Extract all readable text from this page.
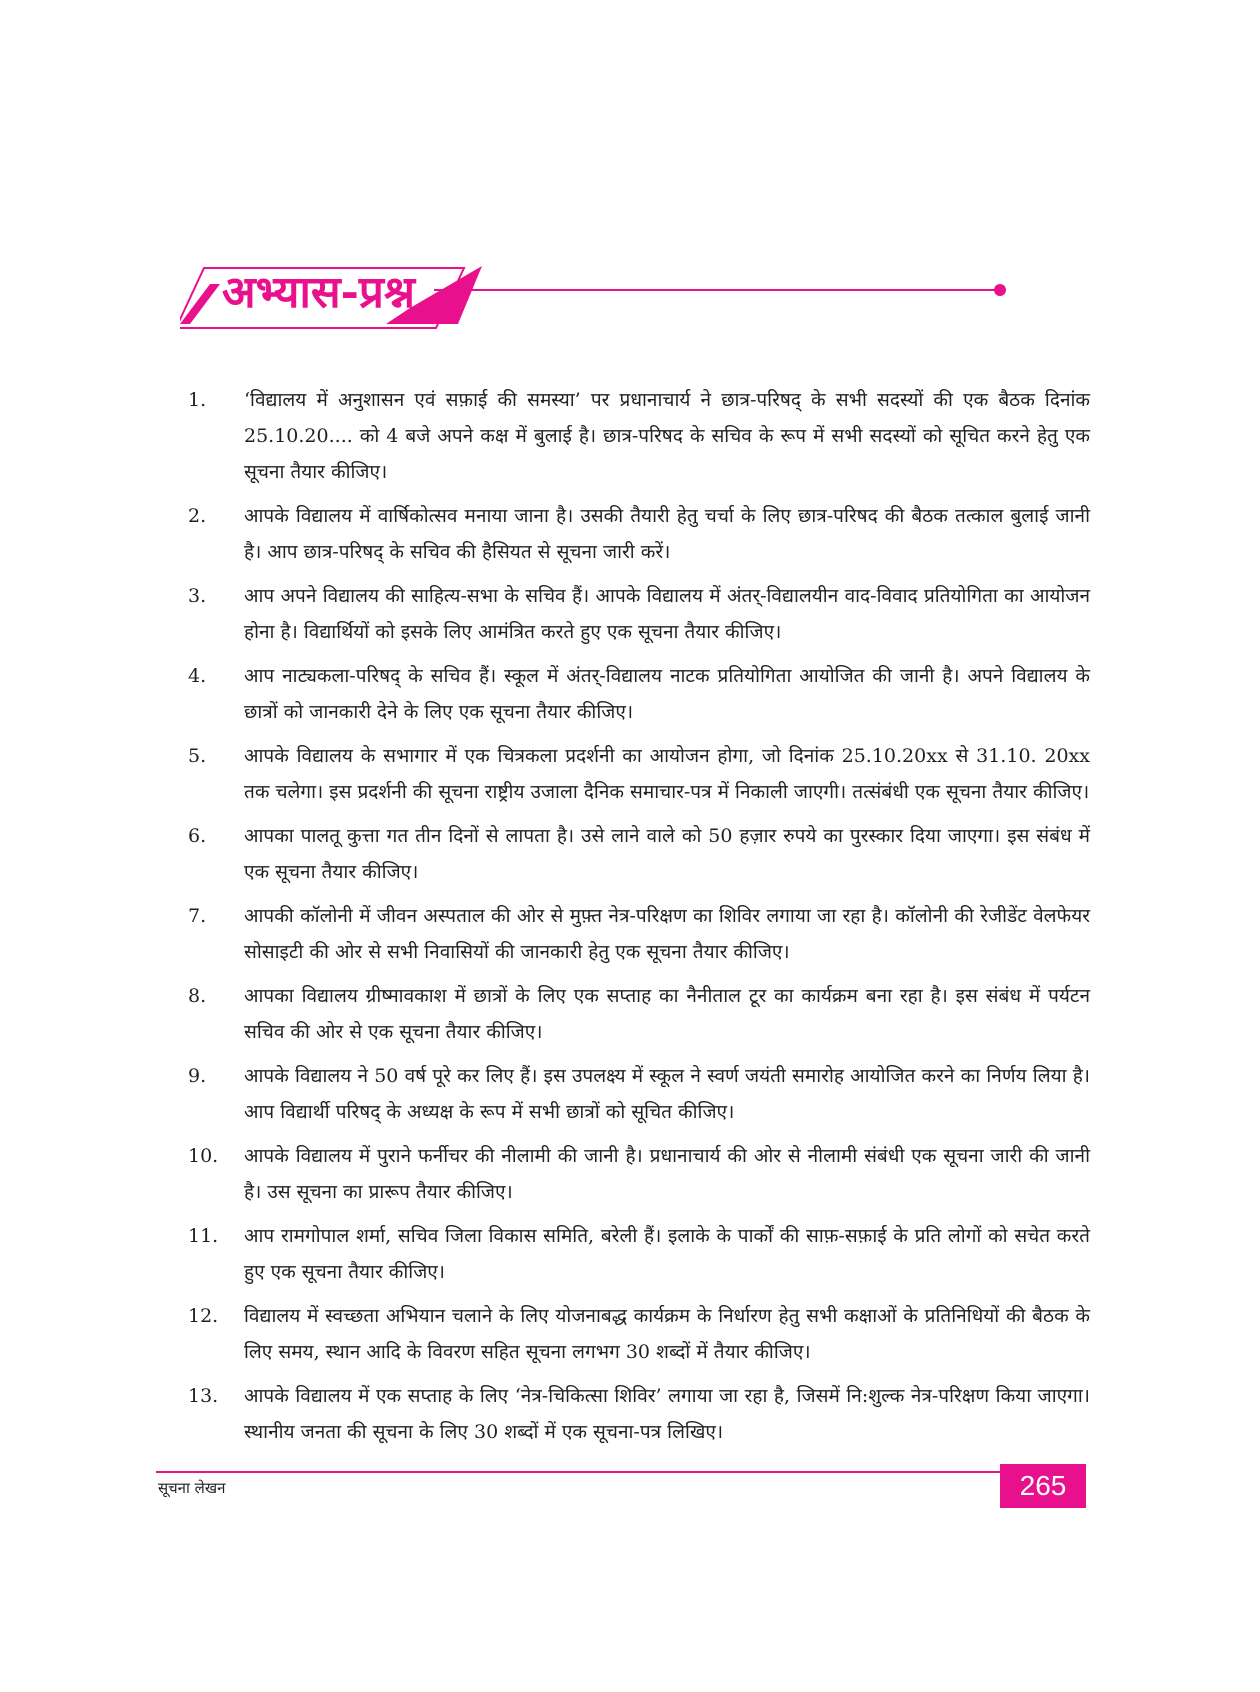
अभ्यास-प्रश्न
1.	‘विद्यालय में अनुशासन एवं सफ़ाई की समस्या’ पर प्रधानाचार्य ने छात्र-परिषद् के सभी सदस्यों की एक बैठक दिनांक 25.10.20.... को 4 बजे अपने कक्ष में बुलाई है। छात्र-परिषद के सचिव के रूप में सभी सदस्यों को सूचित करने हेतु एक सूचना तैयार कीजिए।
2.	आपके विद्यालय में वार्षिकोत्सव मनाया जाना है। उसकी तैयारी हेतु चर्चा के लिए छात्र-परिषद की बैठक तत्काल बुलाई जानी है। आप छात्र-परिषद् के सचिव की हैसियत से सूचना जारी करें।
3.	आप अपने विद्यालय की साहित्य-सभा के सचिव हैं। आपके विद्यालय में अंतर्-विद्यालयीन वाद-विवाद प्रतियोगिता का आयोजन होना है। विद्यार्थियों को इसके लिए आमंत्रित करते हुए एक सूचना तैयार कीजिए।
4.	आप नाट्यकला-परिषद् के सचिव हैं। स्कूल में अंतर्-विद्यालय नाटक प्रतियोगिता आयोजित की जानी है। अपने विद्यालय के छात्रों को जानकारी देने के लिए एक सूचना तैयार कीजिए।
5.	आपके विद्यालय के सभागार में एक चित्रकला प्रदर्शनी का आयोजन होगा, जो दिनांक 25.10.20xx से 31.10. 20xx तक चलेगा। इस प्रदर्शनी की सूचना राष्ट्रीय उजाला दैनिक समाचार-पत्र में निकाली जाएगी। तत्संबंधी एक सूचना तैयार कीजिए।
6.	आपका पालतू कुत्ता गत तीन दिनों से लापता है। उसे लाने वाले को 50 हज़ार रुपये का पुरस्कार दिया जाएगा। इस संबंध में एक सूचना तैयार कीजिए।
7.	आपकी कॉलोनी में जीवन अस्पताल की ओर से मुफ़्त नेत्र-परिक्षण का शिविर लगाया जा रहा है। कॉलोनी की रेजीडेंट वेलफेयर सोसाइटी की ओर से सभी निवासियों की जानकारी हेतु एक सूचना तैयार कीजिए।
8.	आपका विद्यालय ग्रीष्मावकाश में छात्रों के लिए एक सप्ताह का नैनीताल टूर का कार्यक्रम बना रहा है। इस संबंध में पर्यटन सचिव की ओर से एक सूचना तैयार कीजिए।
9.	आपके विद्यालय ने 50 वर्ष पूरे कर लिए हैं। इस उपलक्ष्य में स्कूल ने स्वर्ण जयंती समारोह आयोजित करने का निर्णय लिया है। आप विद्यार्थी परिषद् के अध्यक्ष के रूप में सभी छात्रों को सूचित कीजिए।
10.	आपके विद्यालय में पुराने फर्नीचर की नीलामी की जानी है। प्रधानाचार्य की ओर से नीलामी संबंधी एक सूचना जारी की जानी है। उस सूचना का प्रारूप तैयार कीजिए।
11.	आप रामगोपाल शर्मा, सचिव जिला विकास समिति, बरेली हैं। इलाके के पार्कों की साफ़-सफ़ाई के प्रति लोगों को सचेत करते हुए एक सूचना तैयार कीजिए।
12.	विद्यालय में स्वच्छता अभियान चलाने के लिए योजनाबद्ध कार्यक्रम के निर्धारण हेतु सभी कक्षाओं के प्रतिनिधियों की बैठक के लिए समय, स्थान आदि के विवरण सहित सूचना लगभग 30 शब्दों में तैयार कीजिए।
13.	आपके विद्यालय में एक सप्ताह के लिए ‘नेत्र-चिकित्सा शिविर’ लगाया जा रहा है, जिसमें नि:शुल्क नेत्र-परिक्षण किया जाएगा। स्थानीय जनता की सूचना के लिए 30 शब्दों में एक सूचना-पत्र लिखिए।
सूचना लेखन	265
